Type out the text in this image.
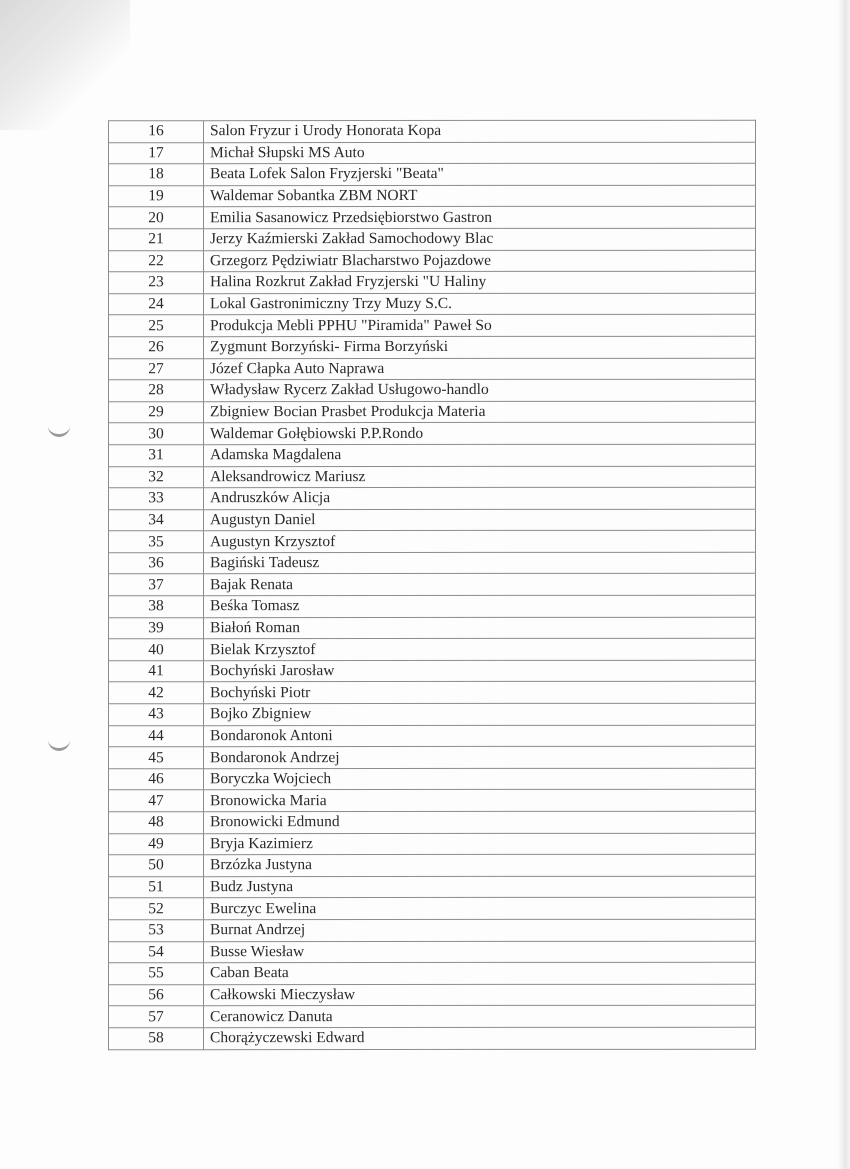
16	Salon Fryzur i Urody Honorata Kopa
17	Michał Słupski MS Auto
18	Beata Lofek Salon Fryzjerski "Beata"
19	Waldemar Sobantka ZBM NORT
20	Emilia Sasanowicz Przedsiębiorstwo Gastron
21	Jerzy Kaźmierski Zakład Samochodowy Blac
22	Grzegorz Pędziwiatr Blacharstwo Pojazdowe
23	Halina Rozkrut Zakład Fryzjerski "U Haliny
24	Lokal Gastronimiczny Trzy Muzy S.C.
25	Produkcja Mebli PPHU "Piramida" Paweł So
26	Zygmunt Borzyński- Firma Borzyński
27	Józef Cłapka Auto Naprawa
28	Władysław Rycerz Zakład Usługowo-handlo
29	Zbigniew Bocian Prasbet Produkcja Materia
30	Waldemar Gołębiowski P.P.Rondo
31	Adamska Magdalena
32	Aleksandrowicz Mariusz
33	Andruszków Alicja
34	Augustyn Daniel
35	Augustyn Krzysztof
36	Bagiński Tadeusz
37	Bajak Renata
38	Beśka Tomasz
39	Białoń Roman
40	Bielak Krzysztof
41	Bochyński Jarosław
42	Bochyński Piotr
43	Bojko Zbigniew
44	Bondaronok Antoni
45	Bondaronok Andrzej
46	Boryczka Wojciech
47	Bronowicka Maria
48	Bronowicki Edmund
49	Bryja Kazimierz
50	Brzózka Justyna
51	Budz Justyna
52	Burczyc Ewelina
53	Burnat Andrzej
54	Busse Wiesław
55	Caban Beata
56	Całkowski Mieczysław
57	Ceranowicz Danuta
58	Chorążyczewski Edward
